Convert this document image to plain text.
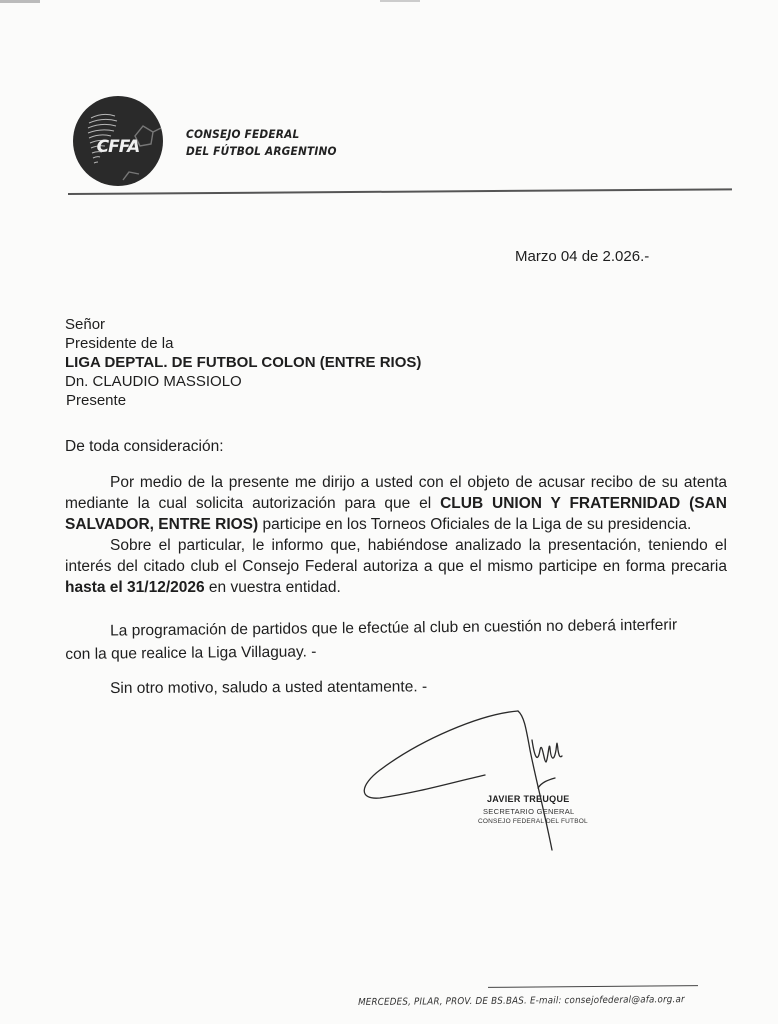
CFFA
CONSEJO FEDERAL
DEL FÚTBOL ARGENTINO
Marzo 04 de 2.026.-
Señor
Presidente de la
LIGA DEPTAL. DE FUTBOL COLON (ENTRE RIOS)
Dn. CLAUDIO MASSIOLO
Presente
De toda consideración:

Por medio de la presente me dirijo a usted con el objeto de acusar recibo de su atenta mediante la cual solicita autorización para que el CLUB UNION Y FRATERNIDAD (SAN SALVADOR, ENTRE RIOS) participe en los Torneos Oficiales de la Liga de su presidencia.

Sobre el particular, le informo que, habiéndose analizado la presentación, teniendo el interés del citado club el Consejo Federal autoriza a que el mismo participe en forma precaria hasta el 31/12/2026 en vuestra entidad.

La programación de partidos que le efectúe al club en cuestión no deberá interferir
con la que realice la Liga Villaguay. -
Sin otro motivo, saludo a usted atentamente. -
JAVIER TREUQUE
SECRETARIO GENERAL
CONSEJO FEDERAL DEL FUTBOL
MERCEDES, PILAR, PROV. DE BS.BAS. E-mail: consejofederal@afa.org.ar
